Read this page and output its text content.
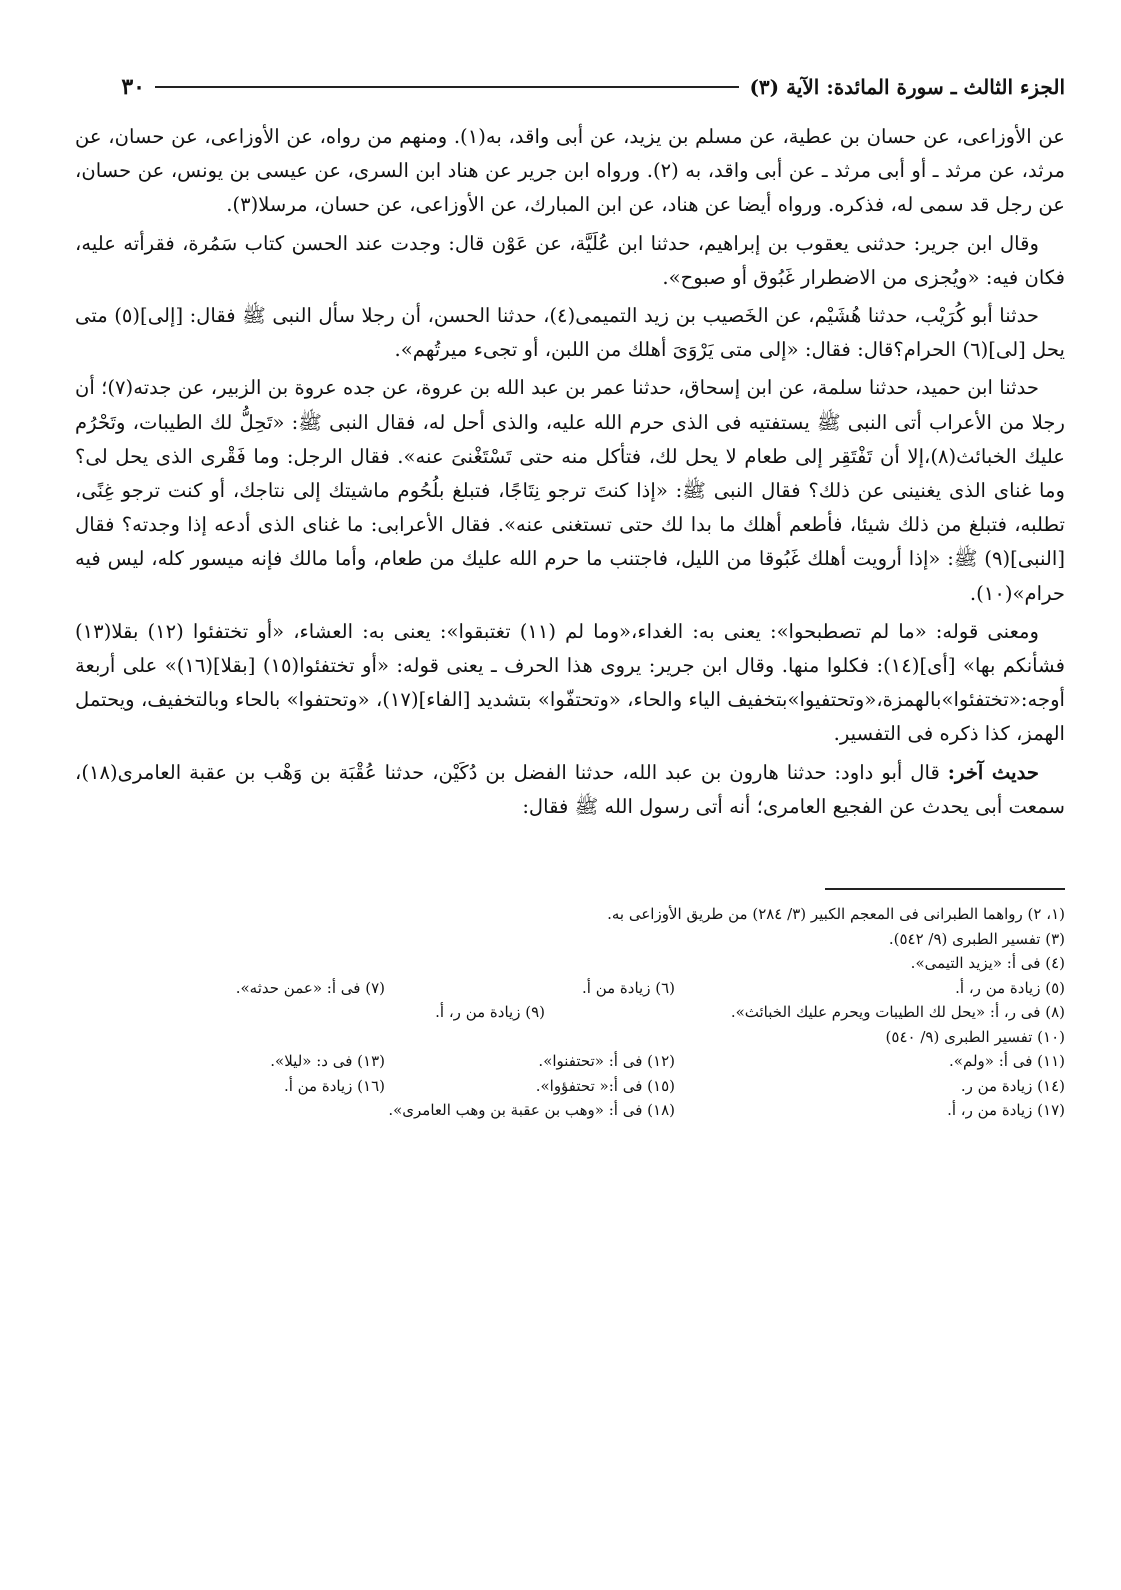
الجزء الثالث ـ سورة المائدة: الآية (٣)
٣٠

عن الأوزاعى، عن حسان بن عطية، عن مسلم بن يزيد، عن أبى واقد، به(١). ومنهم من رواه، عن الأوزاعى، عن حسان، عن مرثد، عن مرثد ـ أو أبى مرثد ـ عن أبى واقد، به (٢). ورواه ابن جرير عن هناد ابن السرى، عن عيسى بن يونس، عن حسان، عن رجل قد سمى له، فذكره. ورواه أيضا عن هناد، عن ابن المبارك، عن الأوزاعى، عن حسان، مرسلا(٣).

وقال ابن جرير: حدثنى يعقوب بن إبراهيم، حدثنا ابن عُلَيَّة، عن عَوْن قال: وجدت عند الحسن كتاب سَمُرة، فقرأته عليه، فكان فيه: «ويُجزى من الاضطرار غَبُوق أو صبوح».

حدثنا أبو كُرَيْب، حدثنا هُشَيْم، عن الخَصيب بن زيد التميمى(٤)، حدثنا الحسن، أن رجلا سأل النبى ﷺ فقال: [إلى](٥) متى يحل [لى](٦) الحرام؟قال: فقال: «إلى متى يَرْوَىَ أهلك من اللبن، أو تجىء ميرتُهم».

حدثنا ابن حميد، حدثنا سلمة، عن ابن إسحاق، حدثنا عمر بن عبد الله بن عروة، عن جده عروة بن الزبير، عن جدته(٧)؛ أن رجلا من الأعراب أتى النبى ﷺ يستفتيه فى الذى حرم الله عليه، والذى أحل له، فقال النبى ﷺ: «تَحِلُّ لك الطيبات، وتَحْرُم عليك الخبائث(٨)،إلا أن تَفْتَقِر إلى طعام لا يحل لك، فتأكل منه حتى تَسْتَغْنىَ عنه». فقال الرجل: وما فَقْرى الذى يحل لى؟ وما غناى الذى يغنينى عن ذلك؟ فقال النبى ﷺ: «إذا كنتَ ترجو نِتَاجًا، فتبلغ بلُحُوم ماشيتك إلى نتاجك، أو كنت ترجو غِنًى، تطلبه، فتبلغ من ذلك شيئا، فأطعم أهلك ما بدا لك حتى تستغنى عنه». فقال الأعرابى: ما غناى الذى أدعه إذا وجدته؟ فقال [النبى](٩) ﷺ: «إذا أرويت أهلك غَبُوقا من الليل، فاجتنب ما حرم الله عليك من طعام، وأما مالك فإنه ميسور كله، ليس فيه حرام»(١٠).

ومعنى قوله: «ما لم تصطبحوا»: يعنى به: الغداء،«وما لم (١١) تغتبقوا»: يعنى به: العشاء، «أو تختفئوا (١٢) بقلا(١٣) فشأنكم بها» [أى](١٤): فكلوا منها. وقال ابن جرير: يروى هذا الحرف ـ يعنى قوله: «أو تختفئوا(١٥) [بقلا](١٦)» على أربعة أوجه:«تختفئوا»بالهمزة،«وتحتفيوا»بتخفيف الياء والحاء، «وتحتفّوا» بتشديد [الفاء](١٧)، «وتحتفوا» بالحاء وبالتخفيف، ويحتمل الهمز، كذا ذكره فى التفسير.

حديث آخر: قال أبو داود: حدثنا هارون بن عبد الله، حدثنا الفضل بن دُكَيْن، حدثنا عُقْبَة بن وَهْب بن عقبة العامرى(١٨)، سمعت أبى يحدث عن الفجيع العامرى؛ أنه أتى رسول الله ﷺ فقال:

(١، ٢) رواهما الطبرانى فى المعجم الكبير (٣/ ٢٨٤) من طريق الأوزاعى به.
(٣) تفسير الطبرى (٩/ ٥٤٢).
(٤) فى أ: «يزيد التيمى».
(٥) زيادة من ر، أ.
(٦) زيادة من أ.
(٧) فى أ: «عمن حدثه».
(٨) فى ر، أ: «يحل لك الطيبات ويحرم عليك الخبائث».
(٩) زيادة من ر، أ.
(١٠) تفسير الطبرى (٩/ ٥٤٠)
(١١) فى أ: «ولم».
(١٢) فى أ: «تحتفنوا».
(١٣) فى د: «ليلا».
(١٤) زيادة من ر.
(١٥) فى أ:« تحتفؤوا».
(١٦) زيادة من أ.
(١٧) زيادة من ر، أ.
(١٨) فى أ: «وهب بن عقبة بن وهب العامرى».
